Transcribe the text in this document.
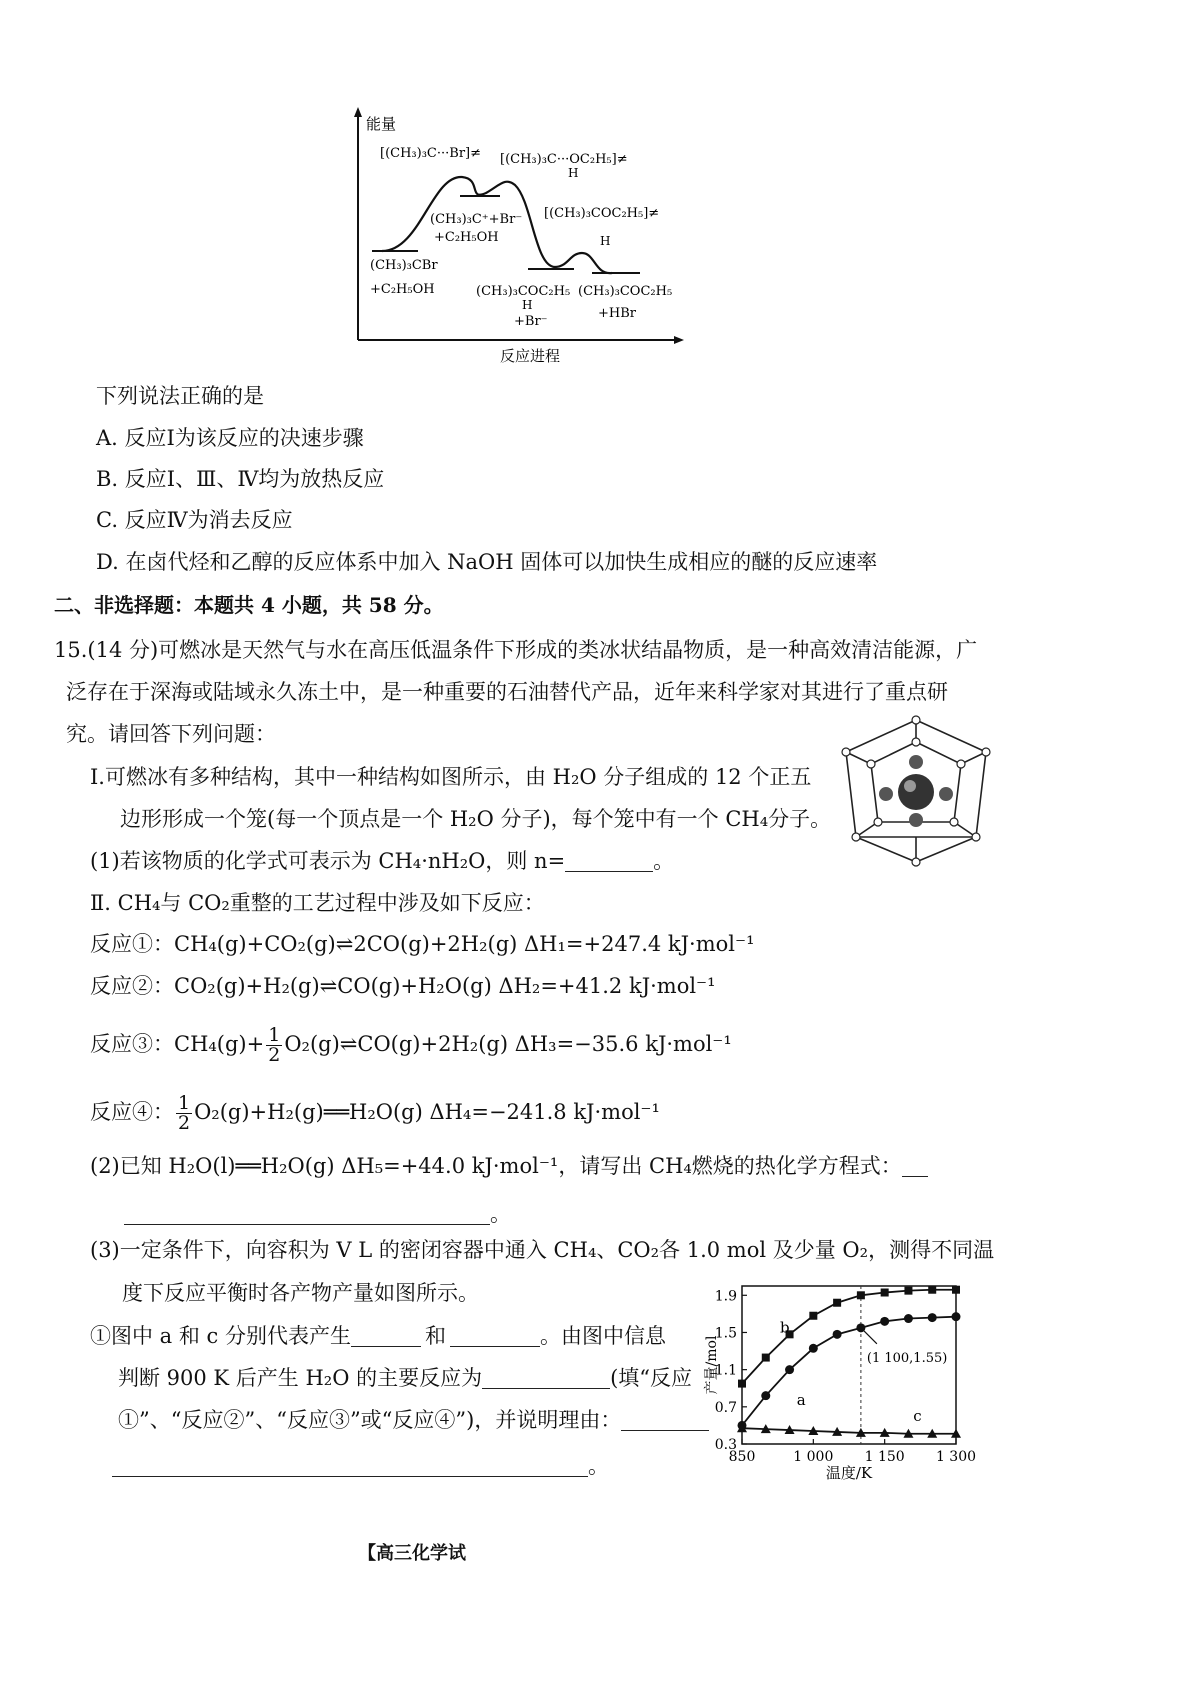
能量
[(CH₃)₃C···Br]≠ [(CH₃)₃C···OC₂H₅]≠
H
(CH₃)₃C⁺+Br⁻
+C₂H₅OH
[(CH₃)₃COC₂H₅]≠
H
(CH₃)₃CBr
+C₂H₅OH	(CH₃)₃COC₂H₅
H
+Br⁻
(CH₃)₃COC₂H₅
+HBr
反应进程
下列说法正确的是
A. 反应Ⅰ为该反应的决速步骤
B. 反应Ⅰ、Ⅲ、Ⅳ均为放热反应
C. 反应Ⅳ为消去反应
D. 在卤代烃和乙醇的反应体系中加入 NaOH 固体可以加快生成相应的醚的反应速率
二、非选择题：本题共 4 小题，共 58 分。
15.(14 分)可燃冰是天然气与水在高压低温条件下形成的类冰状结晶物质，是一种高效清洁能源，广
泛存在于深海或陆域永久冻土中，是一种重要的石油替代产品，近年来科学家对其进行了重点研
究。请回答下列问题：
Ⅰ.可燃冰有多种结构，其中一种结构如图所示，由 H₂O 分子组成的 12 个正五
边形形成一个笼(每一个顶点是一个 H₂O 分子)，每个笼中有一个 CH₄分子。
(1)若该物质的化学式可表示为 CH₄·nH₂O，则 n=	。
Ⅱ. CH₄与 CO₂重整的工艺过程中涉及如下反应：
反应①：CH₄(g)+CO₂(g)⇌2CO(g)+2H₂(g) ΔH₁=+247.4 kJ·mol⁻¹
反应②：CO₂(g)+H₂(g)⇌CO(g)+H₂O(g) ΔH₂=+41.2 kJ·mol⁻¹
反应③：$CH_4(g)+ \frac{1}{2}$ O₂(g)⇌CO(g)+2H₂(g) ΔH₃=−35.6 kJ·mol⁻¹
反应④： $\frac{1}{2}$ O₂(g)+H₂(g)══H₂O(g) ΔH₄=−241.8 kJ·mol⁻¹
(2)已知 H₂O(l)══H₂O(g) ΔH₅=+44.0 kJ·mol⁻¹，请写出 CH₄燃烧的热化学方程式：
。
(3)一定条件下，向容积为 V L 的密闭容器中通入 CH₄、CO₂各 1.0 mol 及少量 O₂，测得不同温
度下反应平衡时各产物产量如图所示。
①图中 a 和 c 分别代表产生	和	。由图中信息
判断 900 K 后产生 H₂O 的主要反应为	(填“反应
①”、“反应②”、“反应③”或“反应④”)，并说明理由：
。
0.3
0.7
1.1
1.5
1.9
850	1 000 1 150 1 300
产量/mol
温度/K
(1 100,1.55)
b
a
c
【高三化学试
